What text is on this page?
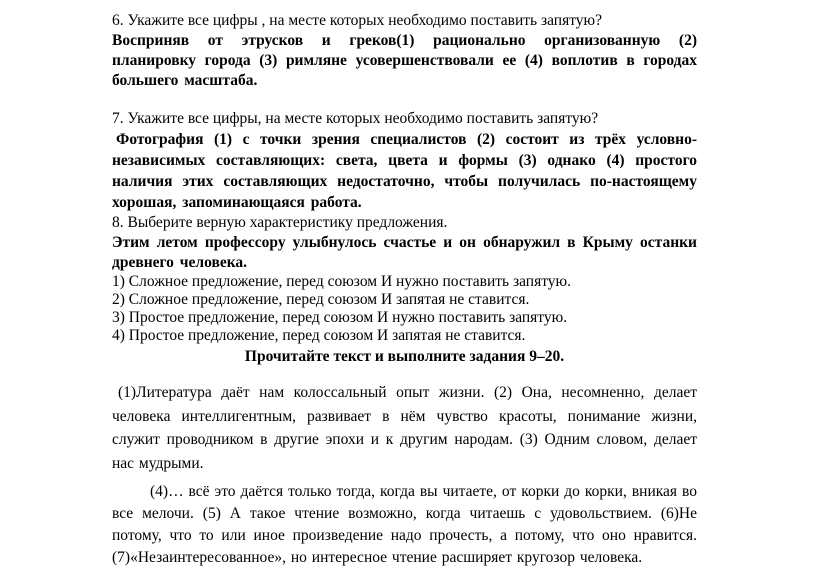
6. Укажите все цифры , на месте которых необходимо поставить запятую?

Восприняв от этрусков и греков(1) рационально организованную (2) планировку города (3) римляне усовершенствовали ее (4) воплотив в городах большего масштаба.

7. Укажите все цифры, на месте которых необходимо поставить запятую?

Фотография (1) с точки зрения специалистов (2) состоит из трёх условно-независимых составляющих: света, цвета и формы (3) однако (4) простого наличия этих составляющих недостаточно, чтобы получилась по-настоящему хорошая, запоминающаяся работа.

8. Выберите верную характеристику предложения.

Этим летом профессору улыбнулось счастье и он обнаружил в Крыму останки древнего человека.

1) Сложное предложение, перед союзом И нужно поставить запятую.

2) Сложное предложение, перед союзом И запятая не ставится.

3) Простое предложение, перед союзом И нужно поставить запятую.

4) Простое предложение, перед союзом И запятая не ставится.

Прочитайте текст и выполните задания 9–20.

(1)Литература даёт нам колоссальный опыт жизни. (2) Она, несомненно, делает человека интеллигентным, развивает в нём чувство красоты, понимание жизни, служит проводником в другие эпохи и к другим народам. (3) Одним словом, делает нас мудрыми.

(4)… всё это даётся только тогда, когда вы читаете, от корки до корки, вникая во все мелочи. (5) А такое чтение возможно, когда читаешь с удовольствием. (6)Не потому, что то или иное произведение надо прочесть, а потому, что оно нравится. (7)«Незаинтересованное», но интересное чтение расширяет кругозор человека.
